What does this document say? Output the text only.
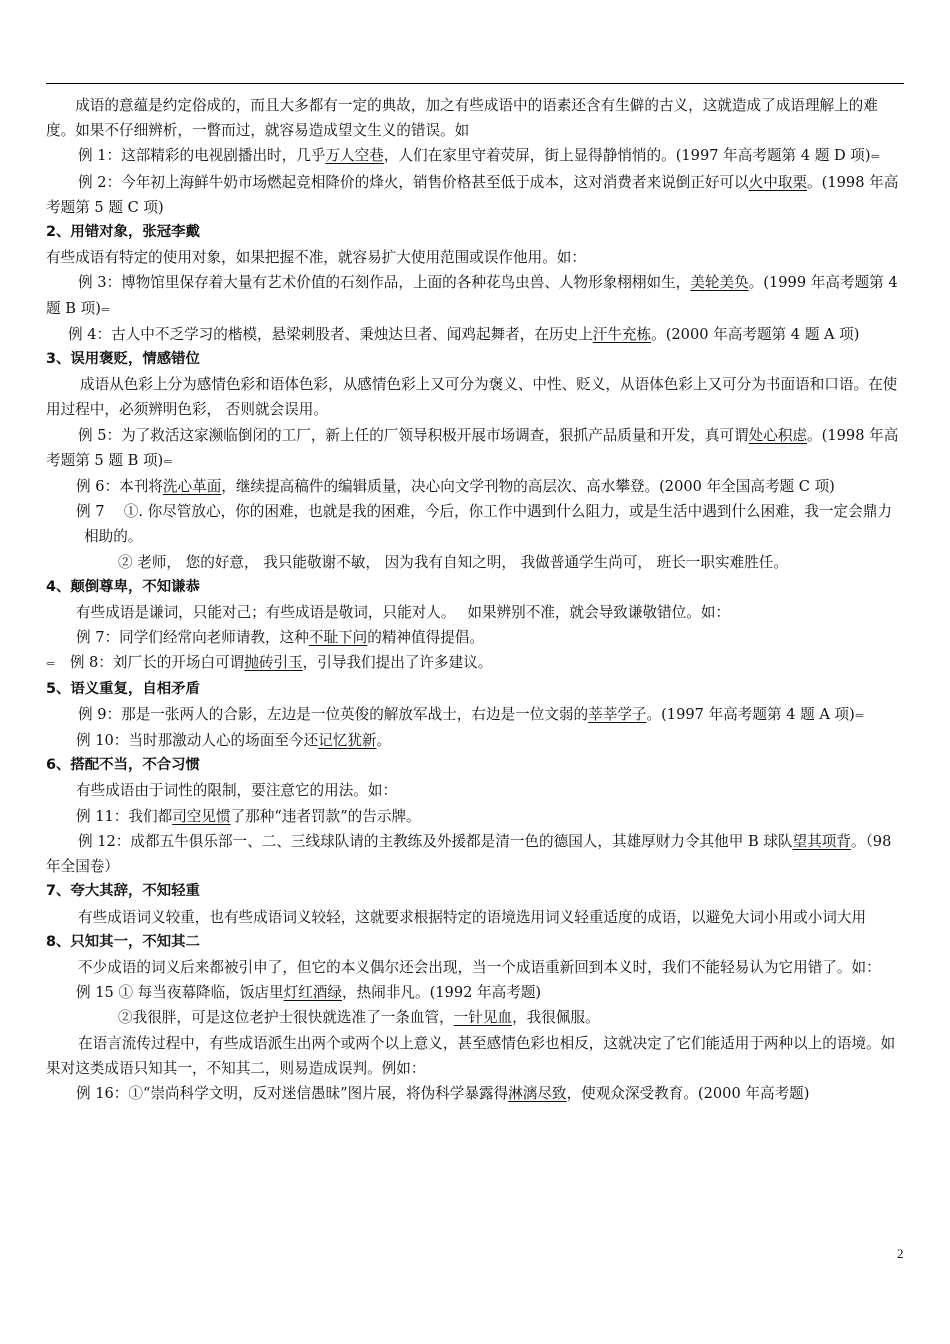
成语的意蕴是约定俗成的，而且大多都有一定的典故，加之有些成语中的语素还含有生僻的古义，这就造成了成语理解上的难度。如果不仔细辨析，一瞥而过，就容易造成望文生义的错误。如

例 1：这部精彩的电视剧播出时，几乎万人空巷，人们在家里守着荧屏，街上显得静悄悄的。(1997 年高考题第 4 题 D 项)⇐

例 2：今年初上海鲜牛奶市场燃起竞相降价的烽火，销售价格甚至低于成本，这对消费者来说倒正好可以火中取栗。(1998 年高考题第 5 题 C 项)

2、用错对象，张冠李戴

有些成语有特定的使用对象，如果把握不准，就容易扩大使用范围或误作他用。如：

例 3：博物馆里保存着大量有艺术价值的石刻作品，上面的各种花鸟虫兽、人物形象栩栩如生，美轮美奂。(1999 年高考题第 4 题 B 项)⇐

例 4：古人中不乏学习的楷模，悬梁刺股者、秉烛达旦者、闻鸡起舞者，在历史上汗牛充栋。(2000 年高考题第 4 题 A 项)

3、误用褒贬，情感错位

成语从色彩上分为感情色彩和语体色彩，从感情色彩上又可分为褒义、中性、贬义，从语体色彩上又可分为书面语和口语。在使用过程中，必须辨明色彩， 否则就会误用。

例 5：为了救活这家濒临倒闭的工厂，新上任的厂领导积极开展市场调查，狠抓产品质量和开发，真可谓处心积虑。(1998 年高考题第 5 题 B 项)⇐

例 6：本刊将洗心革面，继续提高稿件的编辑质量，决心向文学刊物的高层次、高水攀登。(2000 年全国高考题 C 项)

例 7　 ①. 你尽管放心，你的困难，也就是我的困难，今后，你工作中遇到什么阻力，或是生活中遇到什么困难，我一定会鼎力相助的。

② 老师， 您的好意， 我只能敬谢不敏， 因为我有自知之明， 我做普通学生尚可， 班长一职实难胜任。

4、颠倒尊卑，不知谦恭

有些成语是谦词，只能对己；有些成语是敬词，只能对人。　 如果辨别不准，就会导致谦敬错位。如：

例 7：同学们经常向老师请教，这种不耻下问的精神值得提倡。

⇐　例 8：刘厂长的开场白可谓抛砖引玉，引导我们提出了许多建议。

5、语义重复，自相矛盾

例 9：那是一张两人的合影，左边是一位英俊的解放军战士，右边是一位文弱的莘莘学子。(1997 年高考题第 4 题 A 项)⇐

例 10：当时那激动人心的场面至今还记忆犹新。

6、搭配不当，不合习惯

有些成语由于词性的限制，要注意它的用法。如：

例 11：我们都司空见惯了那种“违者罚款”的告示牌。

例 12：成都五牛俱乐部一、二、三线球队请的主教练及外援都是清一色的德国人，其雄厚财力令其他甲 B 球队望其项背。（98 年全国卷）

7、夸大其辞，不知轻重

有些成语词义较重，也有些成语词义较轻，这就要求根据特定的语境选用词义轻重适度的成语，以避免大词小用或小词大用

8、只知其一，不知其二

不少成语的词义后来都被引申了，但它的本义偶尔还会出现，当一个成语重新回到本义时，我们不能轻易认为它用错了。如：

例 15 ① 每当夜幕降临，饭店里灯红酒绿，热闹非凡。(1992 年高考题)

②我很胖，可是这位老护士很快就选准了一条血管，一针见血，我很佩服。

在语言流传过程中，有些成语派生出两个或两个以上意义，甚至感情色彩也相反，这就决定了它们能适用于两种以上的语境。如果对这类成语只知其一，不知其二，则易造成误判。例如：

例 16：①“崇尚科学文明，反对迷信愚昧”图片展，将伪科学暴露得淋漓尽致，使观众深受教育。(2000 年高考题)

2
